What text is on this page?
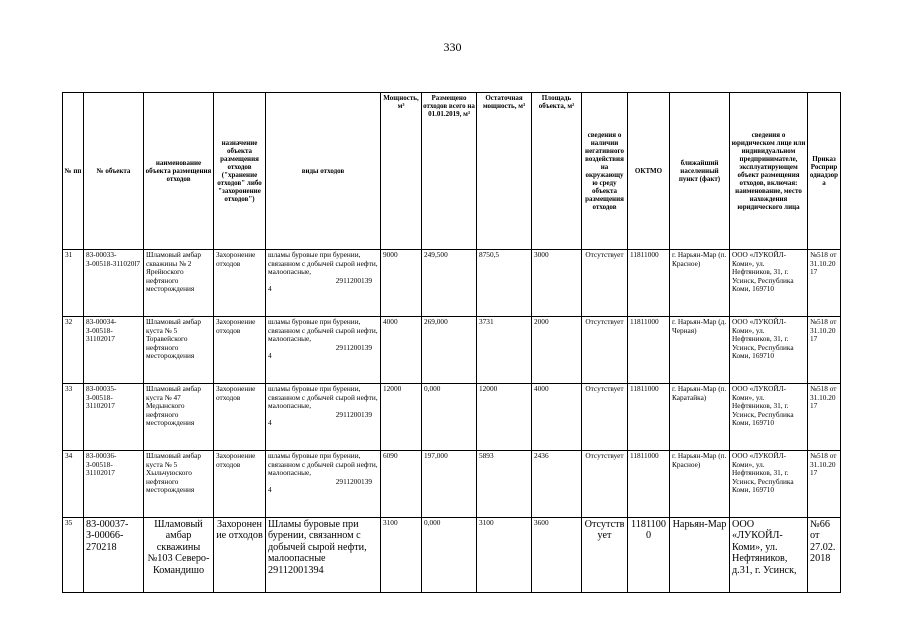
330
№ пп	№ объекта	наименование объекта размещения отходов	назначение объекта размещения отходов ("хранение отходов" либо "захоронение отходов")	виды отходов	Мощность, м³	Размещено отходов всего на 01.01.2019, м³	Остаточная мощность, м³	Площадь объекта, м²	сведения о наличии негативного воздействия на окружающую среду объекта размещения отходов	ОКТМО	ближайший населенный пункт (факт)	сведения о юридическом лице или индивидуальном предпринимателе, эксплуатирующем объект размещения отходов, включая: наименование, место нахождения юридического лица	Приказ Росприроднадзора
31	83-00033-З-00518-311020l7	Шламовый амбар скважины № 2 Ярейюского нефтяного месторождения	Захоронение отходов	шламы буровые при бурении, связанном с добычей сырой нефти, малоопасные,
2911200139
4	9000	249,500	8750,5	3000	Отсутствует	11811000	г. Нарьян-Мар (п. Красное)	ООО «ЛУКОЙЛ-Коми», ул. Нефтяников, 31, г. Усинск, Республика Коми, 169710	№518 от 31.10.2017
32	83-00034-З-00518-31102017	Шламовый амбар куста № 5 Торавейского нефтяного месторождения	Захоронение отходов	шламы буровые при бурении, связанном с добычей сырой нефти, малоопасные,
2911200139
4	4000	269,000	3731	2000	Отсутствует	11811000	г. Нарьян-Мар (д. Черная)	ООО «ЛУКОЙЛ-Коми», ул. Нефтяников, 31, г. Усинск, Республика Коми, 169710	№518 от 31.10.2017
33	83-00035-З-00518-31102017	Шламовый амбар куста № 47 Медынского нефтяного месторождения	Захоронение отходов	шламы буровые при бурении, связанном с добычей сырой нефти, малоопасные,
2911200139
4	12000	0,000	12000	4000	Отсутствует	11811000	г. Нарьян-Мар (п. Каратайка)	ООО «ЛУКОЙЛ-Коми», ул. Нефтяников, 31, г. Усинск, Республика Коми, 169710	№518 от 31.10.2017
34	83-00036-З-00518-31102017	Шламовый амбар куста № 5 Хыльчуюского нефтяного месторождения	Захоронение отходов	шламы буровые при бурении, связанном с добычей сырой нефти, малоопасные,
2911200139
4	6090	197,000	5893	2436	Отсутствует	11811000	г. Нарьян-Мар (п. Красное)	ООО «ЛУКОЙЛ-Коми», ул. Нефтяников, 31, г. Усинск, Республика Коми, 169710	№518 от 31.10.2017
35	83-00037-З-00066-270218	Шламовый амбар скважины №103 Северо-Командишо	Захоронение отходов	Шламы буровые при бурении, связанном с добычей сырой нефти, малоопасные 29112001394	3100	0,000	3100	3600	Отсутствует	11811000	Нарьян-Мар	ООО «ЛУКОЙЛ-Коми», ул. Нефтяников, д.31, г. Усинск,	№66 от 27.02.2018
